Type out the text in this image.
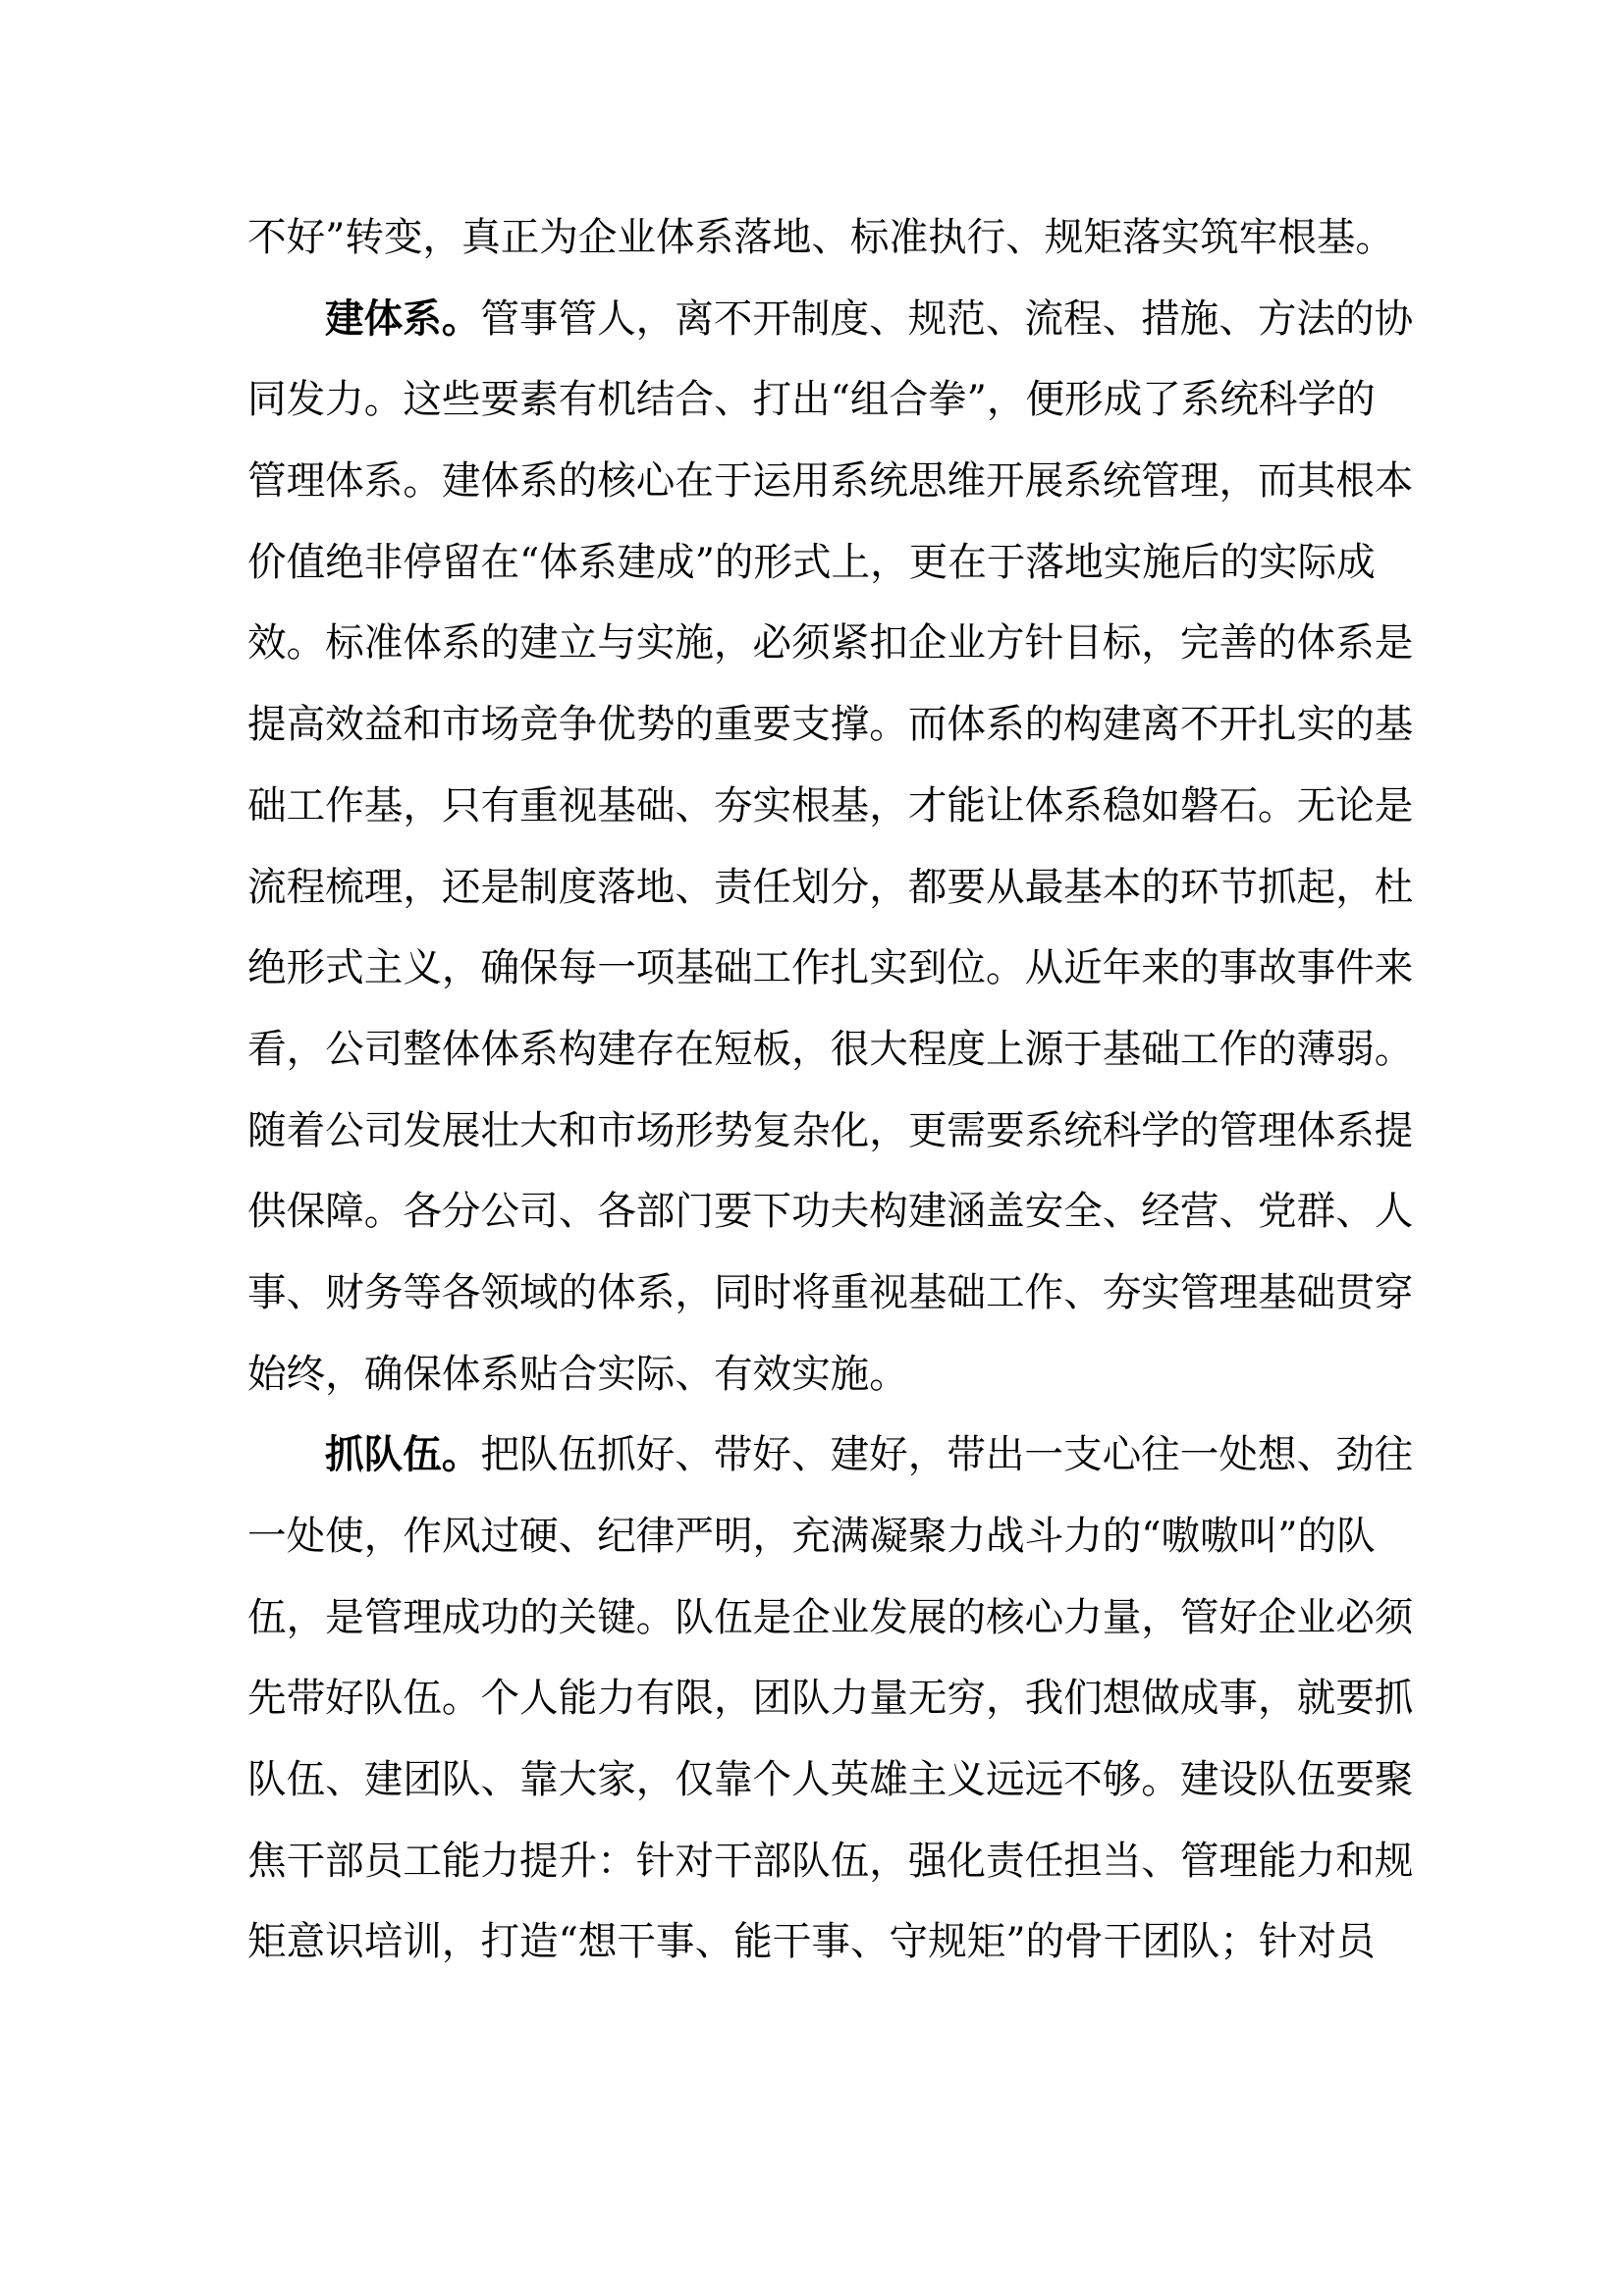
不好”转变，真正为企业体系落地、标准执行、规矩落实筑牢根基。
建体系。管事管人，离不开制度、规范、流程、措施、方法的协
同发力。这些要素有机结合、打出“组合拳”，便形成了系统科学的
管理体系。建体系的核心在于运用系统思维开展系统管理，而其根本
价值绝非停留在“体系建成”的形式上，更在于落地实施后的实际成
效。标准体系的建立与实施，必须紧扣企业方针目标，完善的体系是
提高效益和市场竞争优势的重要支撑。而体系的构建离不开扎实的基
础工作基，只有重视基础、夯实根基，才能让体系稳如磐石。无论是
流程梳理，还是制度落地、责任划分，都要从最基本的环节抓起，杜
绝形式主义，确保每一项基础工作扎实到位。从近年来的事故事件来
看，公司整体体系构建存在短板，很大程度上源于基础工作的薄弱。
随着公司发展壮大和市场形势复杂化，更需要系统科学的管理体系提
供保障。各分公司、各部门要下功夫构建涵盖安全、经营、党群、人
事、财务等各领域的体系，同时将重视基础工作、夯实管理基础贯穿
始终，确保体系贴合实际、有效实施。
抓队伍。把队伍抓好、带好、建好，带出一支心往一处想、劲往
一处使，作风过硬、纪律严明，充满凝聚力战斗力的“嗷嗷叫”的队
伍，是管理成功的关键。队伍是企业发展的核心力量，管好企业必须
先带好队伍。个人能力有限，团队力量无穷，我们想做成事，就要抓
队伍、建团队、靠大家，仅靠个人英雄主义远远不够。建设队伍要聚
焦干部员工能力提升：针对干部队伍，强化责任担当、管理能力和规
矩意识培训，打造“想干事、能干事、守规矩”的骨干团队；针对员
